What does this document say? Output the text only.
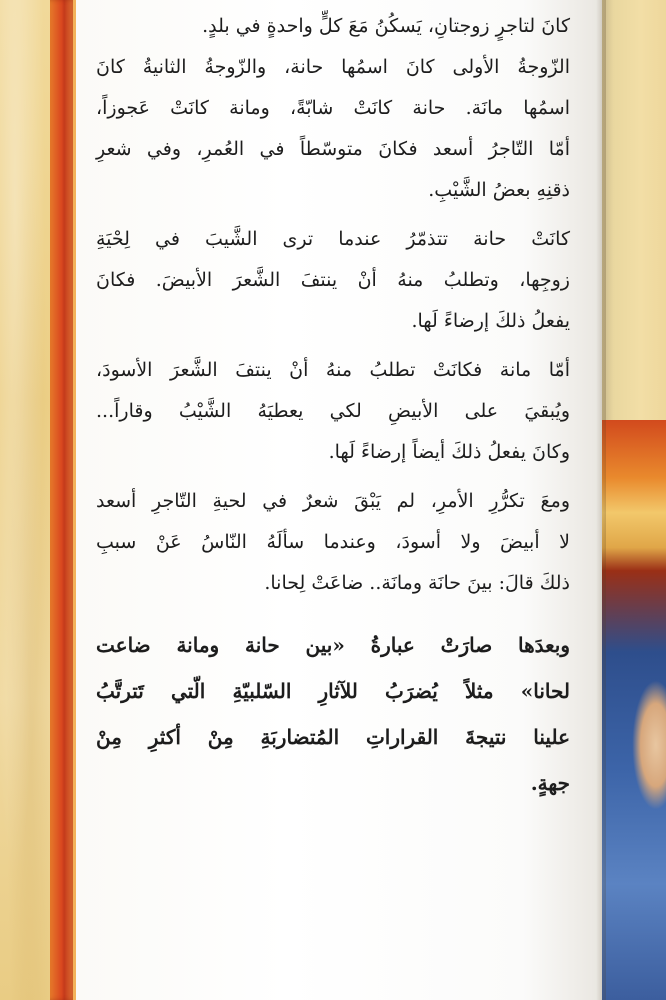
كانَ لتاجرٍ زوجتانِ، يَسكُنُ مَعَ كلٍّ واحدةٍ في بلدٍ.
الزّوجةُ الأولى كانَ اسمُها حانة، والزّوجةُ الثانيةُ كانَ
اسمُها مانَة. حانة كانَتْ شابّةً، ومانة كانَتْ عَجوزاً،
أمّا التّاجرُ أسعد فكانَ متوسّطاً في العُمرِ، وفي شعرِ
ذقنِهِ بعضُ الشَّيْبِ.
كانَتْ حانة تتذمّرُ عندما ترى الشَّيبَ في لِحْيَةِ
زوجِها، وتطلبُ منهُ أنْ ينتفَ الشَّعرَ الأبيضَ. فكانَ
يفعلُ ذلكَ إرضاءً لَها.
أمّا مانة فكانَتْ تطلبُ منهُ أنْ ينتفَ الشَّعرَ الأسودَ،
ويُبقيَ على الأبيضِ لكي يعطيَهُ الشَّيْبُ وقاراً...
وكانَ يفعلُ ذلكَ أيضاً إرضاءً لَها.
ومعَ تكرُّرِ الأمرِ، لم يَبْقَ شعرٌ في لحيةِ التّاجرِ أسعد
لا أبيضَ ولا أسودَ، وعندما سألَهُ النّاسُ عَنْ سببِ
ذلكَ قالَ: بينَ حانَة ومانَة.. ضاعَتْ لِحانا.
وبعدَها صارَتْ عبارةُ «بين حانة ومانة ضاعت
لحانا» مثلاً يُضرَبُ للآثارِ السّلبيّةِ الّتي تَترتَّبُ
علينا نتيجةَ القراراتِ المُتضاربَةِ مِنْ أكثرِ مِنْ
جهةٍ.
